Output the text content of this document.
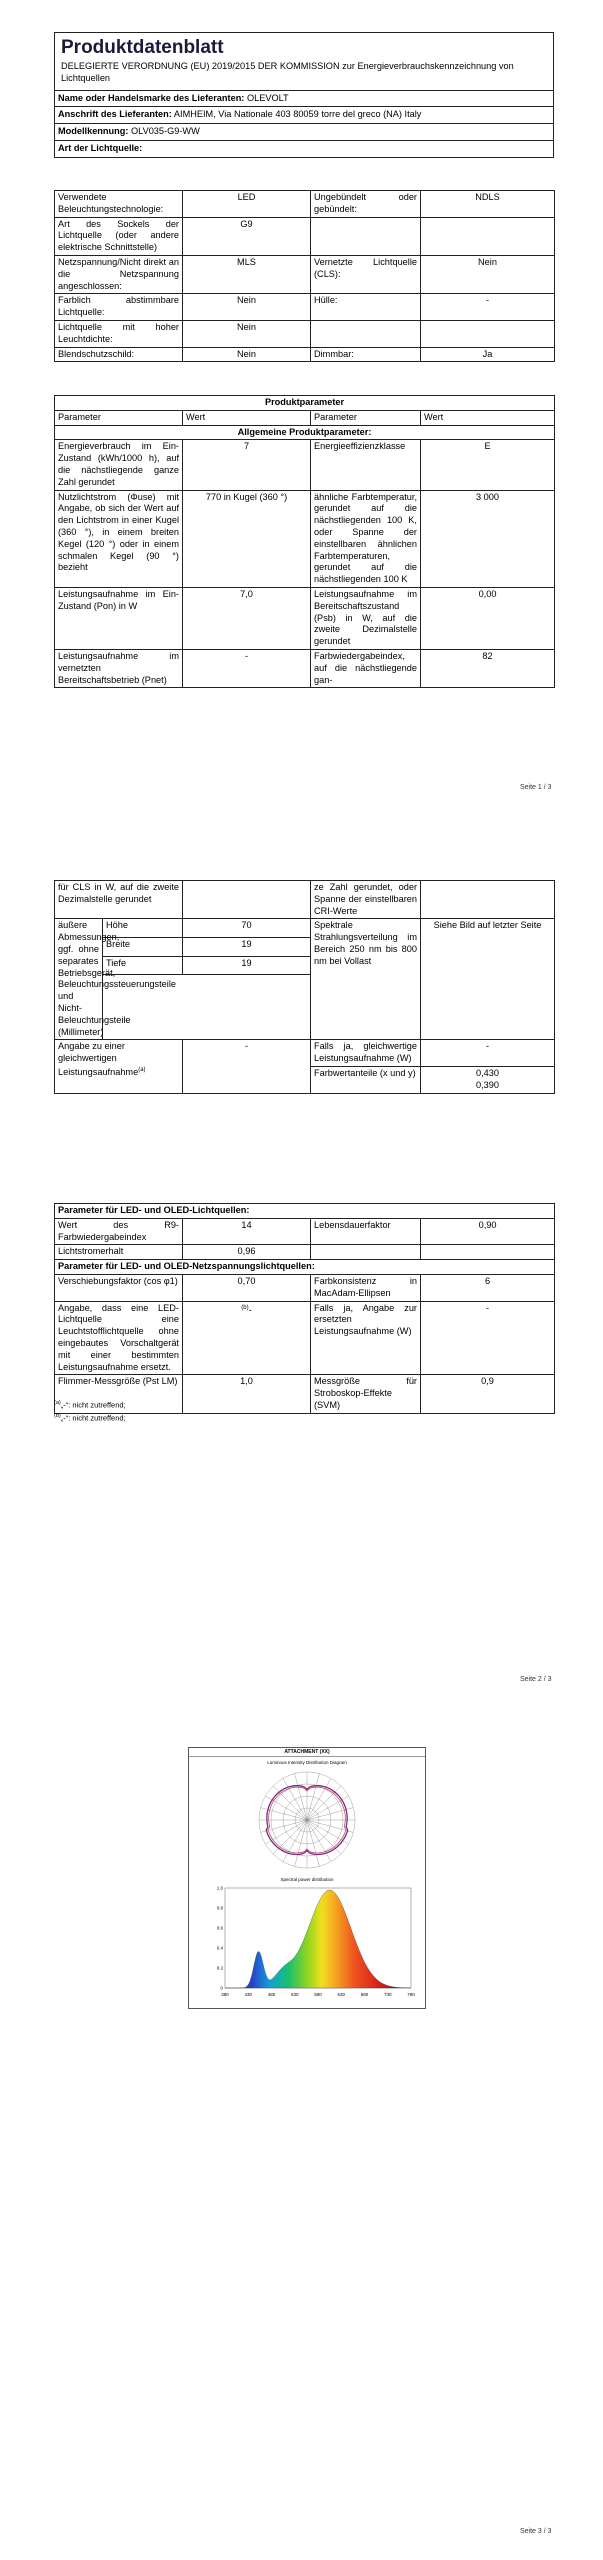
Produktdatenblatt
DELEGIERTE VERORDNUNG (EU) 2019/2015 DER KOMMISSION zur Energieverbrauchskennzeichnung von Lichtquellen

Name oder Handelsmarke des Lieferanten: OLEVOLT
Anschrift des Lieferanten: AIMHEIM, Via Nationale 403 80059 torre del greco (NA) Italy
Modellkennung: OLV035-G9-WW
Art der Lichtquelle:
Verwendete Beleuchtungstechnologie:	LED	Ungebündelt oder gebündelt:	NDLS
Art des Sockels der Lichtquelle (oder andere elektrische Schnittstelle)	G9		
Netzspannung/Nicht direkt an die Netzspannung angeschlossen:	MLS	Vernetzte Lichtquelle (CLS):	Nein
Farblich abstimmbare Lichtquelle:	Nein	Hülle:	-
Lichtquelle mit hoher Leuchtdichte:	Nein		
Blendschutzschild:	Nein	Dimmbar:	Ja
Produktparameter			
Parameter	Wert	Parameter	Wert
Allgemeine Produktparameter:			
Energieverbrauch im Ein-Zustand (kWh/1000 h), auf die nächstliegende ganze Zahl gerundet	7	Energieeffizienzklasse	E
Nutzlichtstrom (Φuse) mit Angabe, ob sich der Wert auf den Lichtstrom in einer Kugel (360 °), in einem breiten Kegel (120 °) oder in einem schmalen Kegel (90 °) bezieht	770 in Kugel (360 °)	ähnliche Farbtemperatur, gerundet auf die nächstliegenden 100 K, oder Spanne der einstellbaren ähnlichen Farbtemperaturen, gerundet auf die nächstliegenden 100 K	3 000
Leistungsaufnahme im Ein-Zustand (Pon) in W	7,0	Leistungsaufnahme im Bereitschaftszustand (Psb) in W, auf die zweite Dezimalstelle gerundet	0,00
Leistungsaufnahme im vernetzten Bereitschaftsbetrieb (Pnet)	-	Farbwiedergabeindex, auf die nächstliegende gan-	82
Seite 1 / 3
für CLS in W, auf die zweite Dezimalstelle gerundet			ze Zahl gerundet, oder Spanne der einstellbaren CRI-Werte	
äußere Abmessungen, ggf. ohne separates Betriebsgerät, Beleuchtungssteuerungsteile und Nicht-Beleuchtungsteile (Millimeter)	Höhe	70	Spektrale Strahlungsverteilung im Bereich 250 nm bis 800 nm bei Vollast	Siehe Bild auf letzter Seite
	Breite	19		
	Tiefe	19		

Angabe zu einer gleichwertigen Leistungsaufnahme$^{(a)}$		-	Falls ja, gleichwertige Leistungsaufnahme (W)	-
			Farbwertanteile (x und y)	0,430
0,390
Parameter für LED- und OLED-Lichtquellen:			
Wert des R9-Farbwiedergabeindex	14	Lebensdauerfaktor	0,90
Lichtstromerhalt	0,96		
Parameter für LED- und OLED-Netzspannungslichtquellen:			
Verschiebungsfaktor (cos φ1)	0,70	Farbkonsistenz in MacAdam-Ellipsen	6
Angabe, dass eine LED-Lichtquelle eine Leuchtstofflichtquelle ohne eingebautes Vorschaltgerät mit einer bestimmten Leistungsaufnahme ersetzt.	$^{(b)}$-	Falls ja, Angabe zur ersetzten Leistungsaufnahme (W)	-
Flimmer-Messgröße (Pst LM)	1,0	Messgröße für Stroboskop-Effekte (SVM)	0,9
$^{(a)}$„-“: nicht zutreffend;
$^{(b)}$„-“: nicht zutreffend;
Seite 2 / 3
ATTACHMENT (XX)
Luminous Intensity Distribution Diagram
Spectral power distribution
1.0
0.8
0.6
0.4
0.2
0
380	430	480	530	580	630	680	730	780
Seite 3 / 3
